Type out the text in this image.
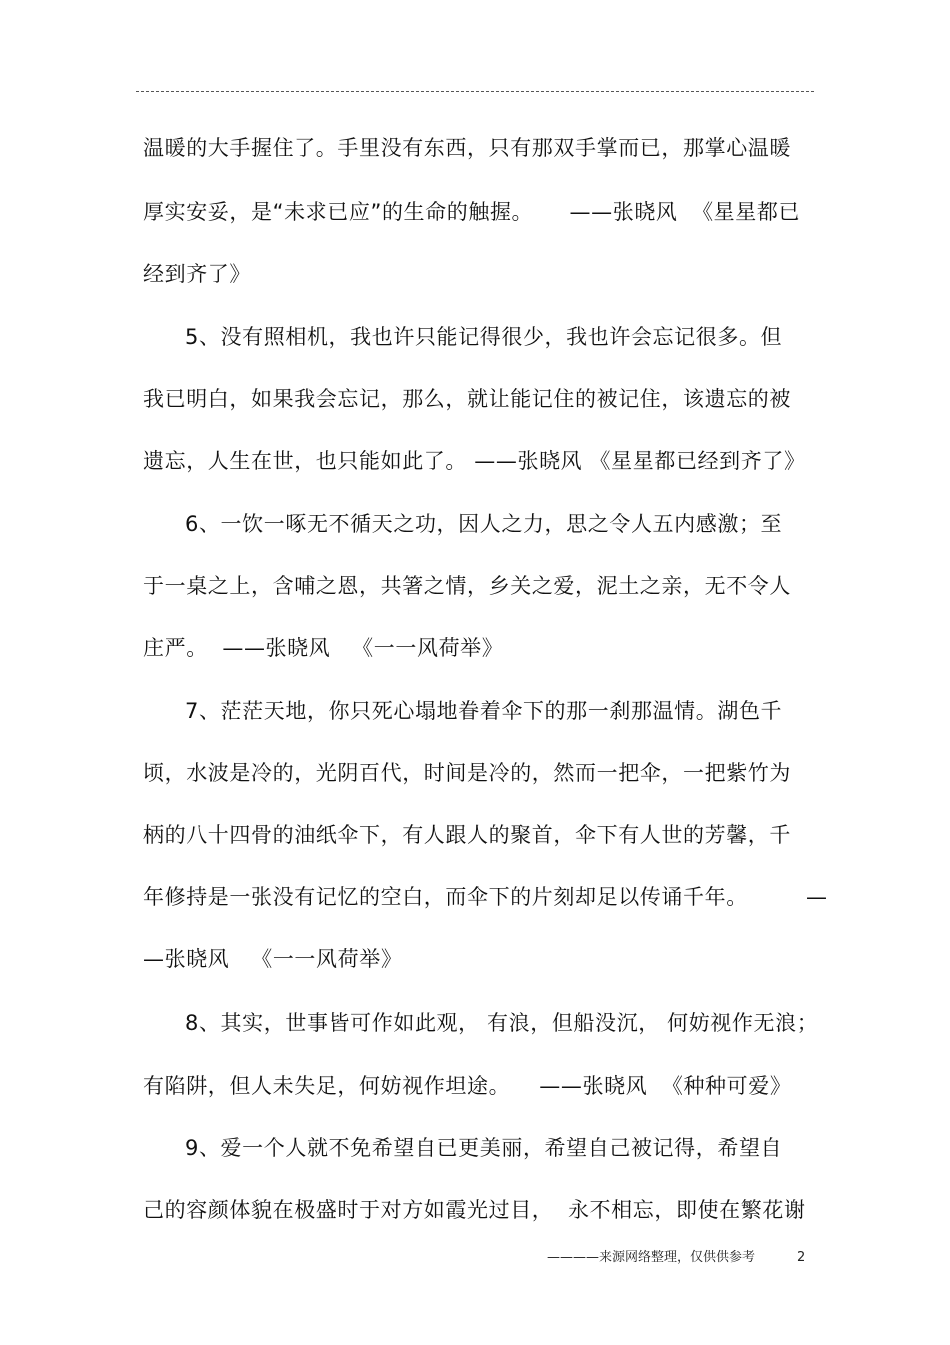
温暖的大手握住了。手里没有东西，只有那双手掌而已，那掌心温暖
厚实安妥，是“未求已应”的生命的触握。     ——张晓风  《星星都已
经到齐了》
5、没有照相机，我也许只能记得很少，我也许会忘记很多。但
我已明白，如果我会忘记，那么，就让能记住的被记住，该遗忘的被
遗忘，人生在世，也只能如此了。 ——张晓风 《星星都已经到齐了》
6、一饮一啄无不循天之功，因人之力，思之令人五内感激；至
于一桌之上，含哺之恩，共箸之情，乡关之爱，泥土之亲，无不令人
庄严。  ——张晓风   《一一风荷举》
7、茫茫天地，你只死心塌地眷着伞下的那一刹那温情。湖色千
顷，水波是冷的，光阴百代，时间是冷的，然而一把伞，一把紫竹为
柄的八十四骨的油纸伞下，有人跟人的聚首，伞下有人世的芳馨，千
年修持是一张没有记忆的空白，而伞下的片刻却足以传诵千年。        —
—张晓风   《一一风荷举》
8、其实，世事皆可作如此观， 有浪，但船没沉， 何妨视作无浪；
有陷阱，但人未失足，何妨视作坦途。    ——张晓风  《种种可爱》
9、爱一个人就不免希望自已更美丽，希望自己被记得，希望自
己的容颜体貌在极盛时于对方如霞光过目，  永不相忘，即使在繁花谢
————来源网络整理，仅供供参考	2
